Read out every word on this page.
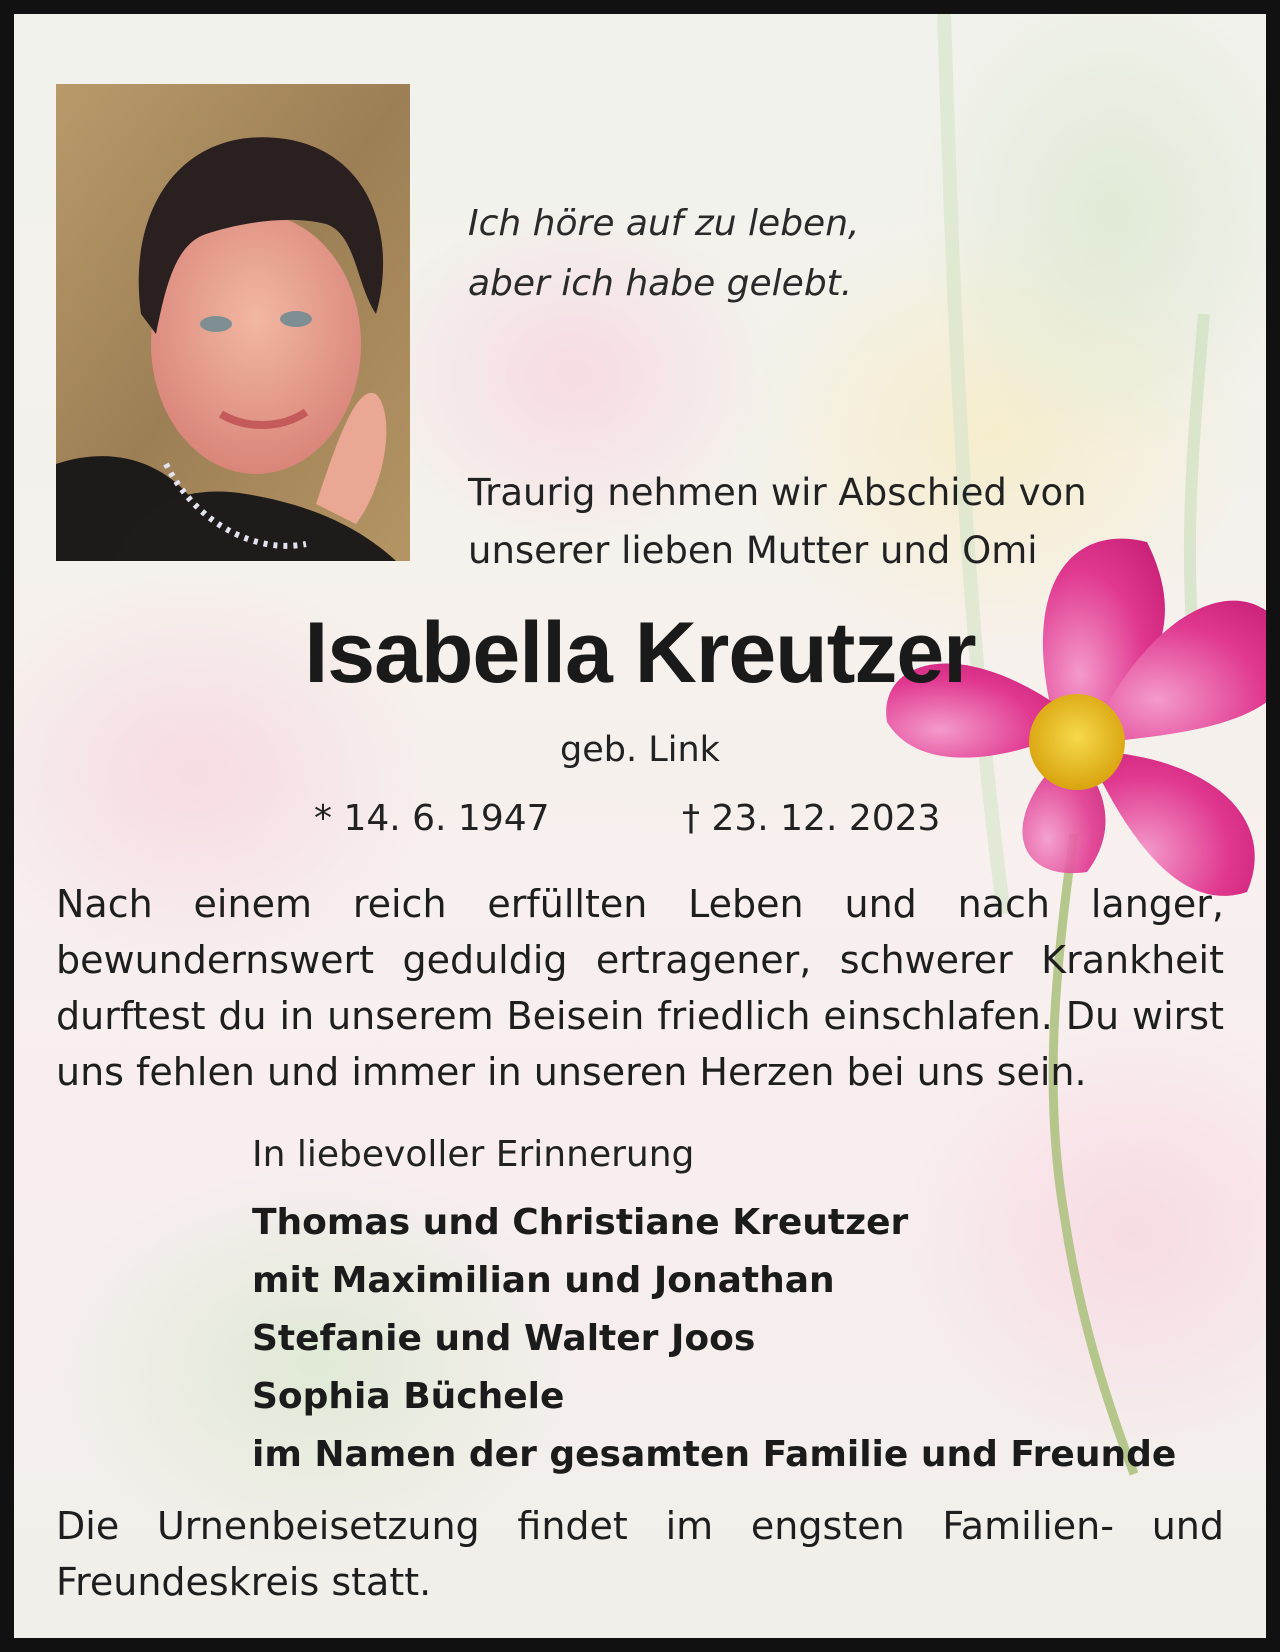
Ich höre auf zu leben,
aber ich habe gelebt.
Traurig nehmen wir Abschied von
unserer lieben Mutter und Omi
Isabella Kreutzer
geb. Link
* 14. 6. 1947	† 23. 12. 2023
Nach einem reich erfüllten Leben und nach langer, bewundernswert geduldig ertragener, schwerer Krankheit durftest du in unserem Beisein friedlich einschlafen. Du wirst uns fehlen und immer in unseren Herzen bei uns sein.
In liebevoller Erinnerung
Thomas und Christiane Kreutzer
mit Maximilian und Jonathan
Stefanie und Walter Joos
Sophia Büchele
im Namen der gesamten Familie und Freunde
Die Urnenbeisetzung findet im engsten Familien- und Freundeskreis statt.
